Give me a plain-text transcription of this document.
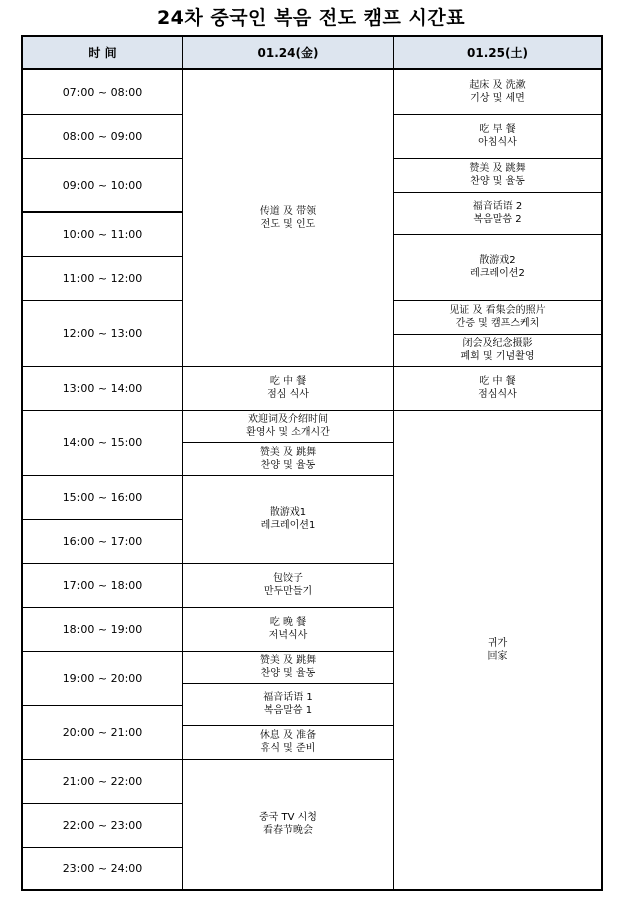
24차 중국인 복음 전도 캠프 시간표
时 间	01.24(金)	01.25(土)
07:00 ~ 08:00
08:00 ~ 09:00
09:00 ~ 10:00
10:00 ~ 11:00
11:00 ~ 12:00
12:00 ~ 13:00
13:00 ~ 14:00
14:00 ~ 15:00
15:00 ~ 16:00
16:00 ~ 17:00
17:00 ~ 18:00
18:00 ~ 19:00
19:00 ~ 20:00
20:00 ~ 21:00
21:00 ~ 22:00
22:00 ~ 23:00
23:00 ~ 24:00
传道 及 带领
전도 및 인도
吃 中 餐
점심 식사
欢迎词及介绍时间
환영사 및 소개시간
赞美 及 跳舞
찬양 및 율동
散游戏1
레크레이션1
包饺子
만두만들기
吃 晚 餐
저녁식사
赞美 及 跳舞
찬양 및 율동
福音话语 1
복음말씀 1
休息 及 准备
휴식 및 준비
중국 TV 시청
看春节晚会
起床 及 洗漱
기상 및 세면
吃 早 餐
아침식사
赞美 及 跳舞
찬양 및 율동
福音话语 2
복음말씀 2
散游戏2
레크레이션2
见证 及 看集会的照片
간증 및 캠프스케치
闭会及纪念摄影
폐회 및 기념촬영
吃 中 餐
점심식사
귀가
回家
